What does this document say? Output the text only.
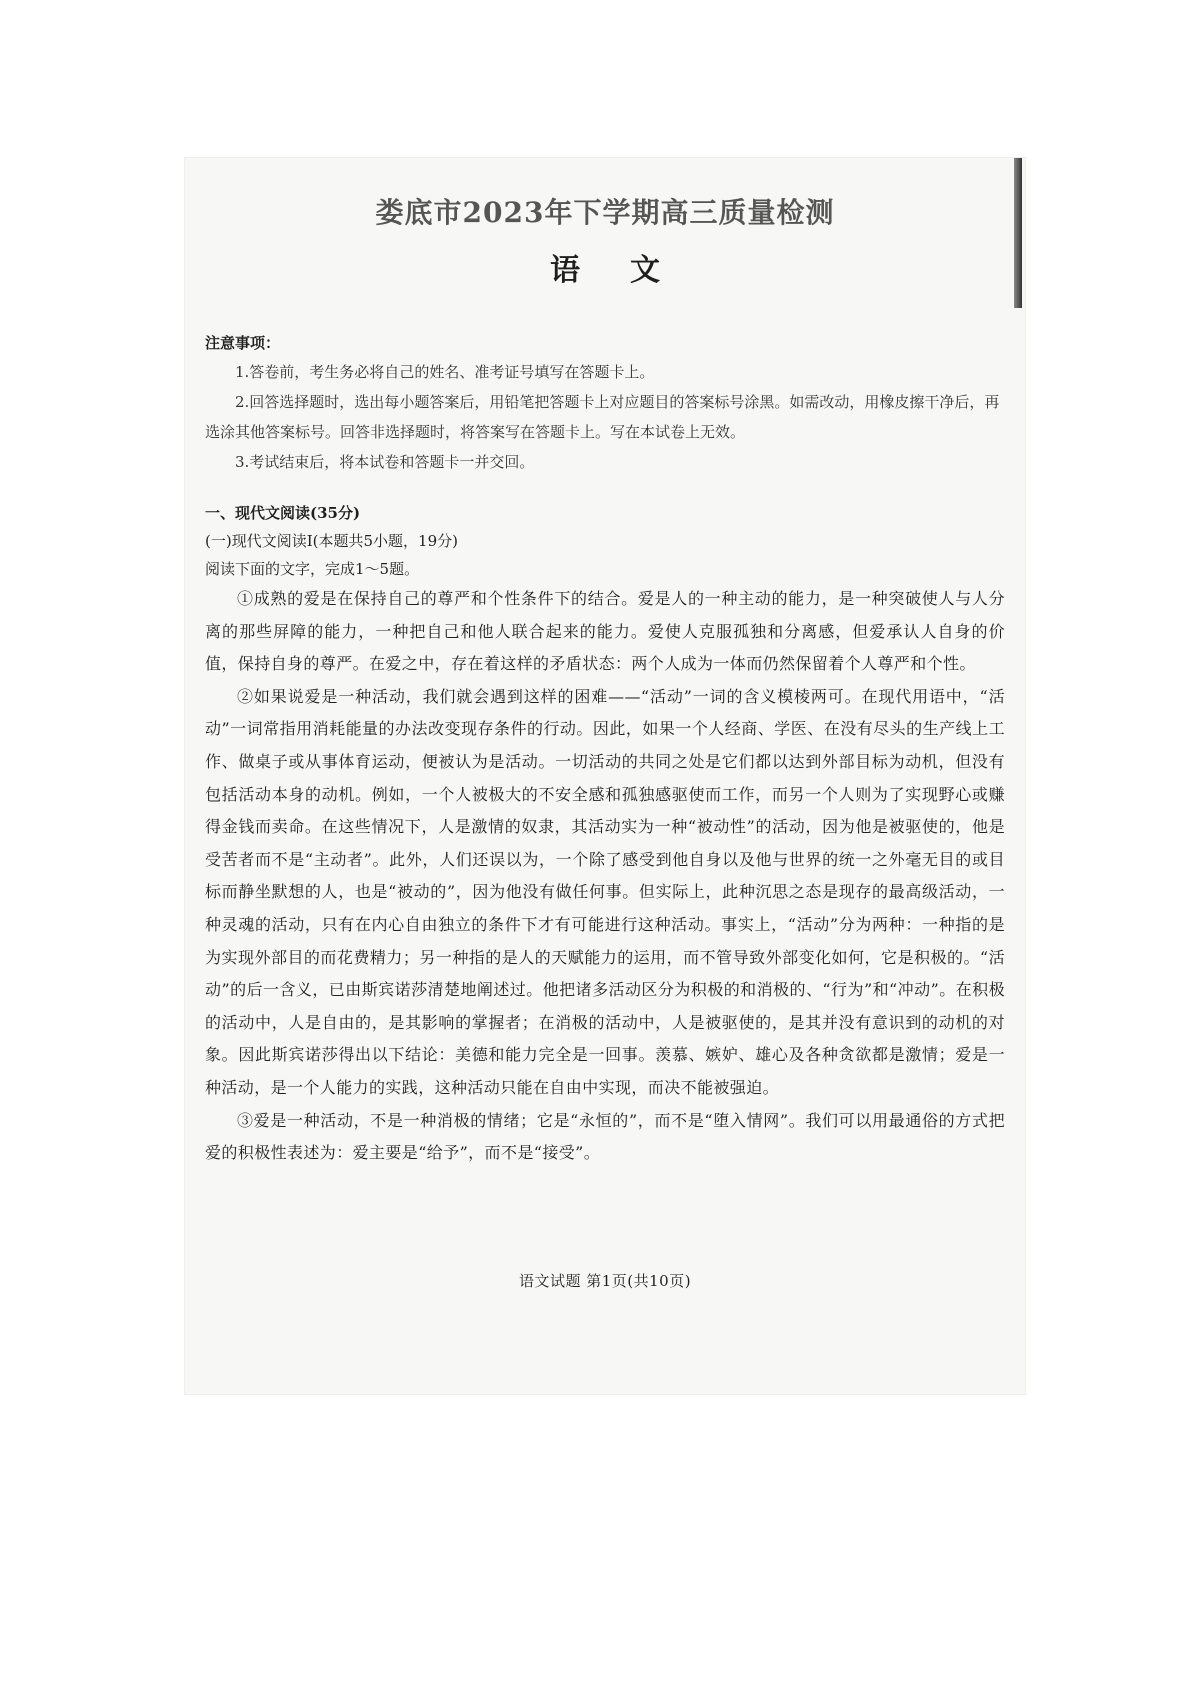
娄底市2023年下学期高三质量检测
语文

注意事项：

1.答卷前，考生务必将自己的姓名、准考证号填写在答题卡上。

2.回答选择题时，选出每小题答案后，用铅笔把答题卡上对应题目的答案标号涂黑。如需改动，用橡皮擦干净后，再选涂其他答案标号。回答非选择题时，将答案写在答题卡上。写在本试卷上无效。

3.考试结束后，将本试卷和答题卡一并交回。

一、现代文阅读(35分)

(一)现代文阅读Ⅰ(本题共5小题，19分)

阅读下面的文字，完成1～5题。

①成熟的爱是在保持自己的尊严和个性条件下的结合。爱是人的一种主动的能力，是一种突破使人与人分离的那些屏障的能力，一种把自己和他人联合起来的能力。爱使人克服孤独和分离感，但爱承认人自身的价值，保持自身的尊严。在爱之中，存在着这样的矛盾状态：两个人成为一体而仍然保留着个人尊严和个性。

②如果说爱是一种活动，我们就会遇到这样的困难——“活动”一词的含义模棱两可。在现代用语中，“活动”一词常指用消耗能量的办法改变现存条件的行动。因此，如果一个人经商、学医、在没有尽头的生产线上工作、做桌子或从事体育运动，便被认为是活动。一切活动的共同之处是它们都以达到外部目标为动机，但没有包括活动本身的动机。例如，一个人被极大的不安全感和孤独感驱使而工作，而另一个人则为了实现野心或赚得金钱而卖命。在这些情况下，人是激情的奴隶，其活动实为一种“被动性”的活动，因为他是被驱使的，他是受苦者而不是“主动者”。此外，人们还误以为，一个除了感受到他自身以及他与世界的统一之外毫无目的或目标而静坐默想的人，也是“被动的”，因为他没有做任何事。但实际上，此种沉思之态是现存的最高级活动，一种灵魂的活动，只有在内心自由独立的条件下才有可能进行这种活动。事实上，“活动”分为两种：一种指的是为实现外部目的而花费精力；另一种指的是人的天赋能力的运用，而不管导致外部变化如何，它是积极的。“活动”的后一含义，已由斯宾诺莎清楚地阐述过。他把诸多活动区分为积极的和消极的、“行为”和“冲动”。在积极的活动中，人是自由的，是其影响的掌握者；在消极的活动中，人是被驱使的，是其并没有意识到的动机的对象。因此斯宾诺莎得出以下结论：美德和能力完全是一回事。羡慕、嫉妒、雄心及各种贪欲都是激情；爱是一种活动，是一个人能力的实践，这种活动只能在自由中实现，而决不能被强迫。

③爱是一种活动，不是一种消极的情绪；它是“永恒的”，而不是“堕入情网”。我们可以用最通俗的方式把爱的积极性表述为：爱主要是“给予”，而不是“接受”。

语文试题 第1页(共10页)
